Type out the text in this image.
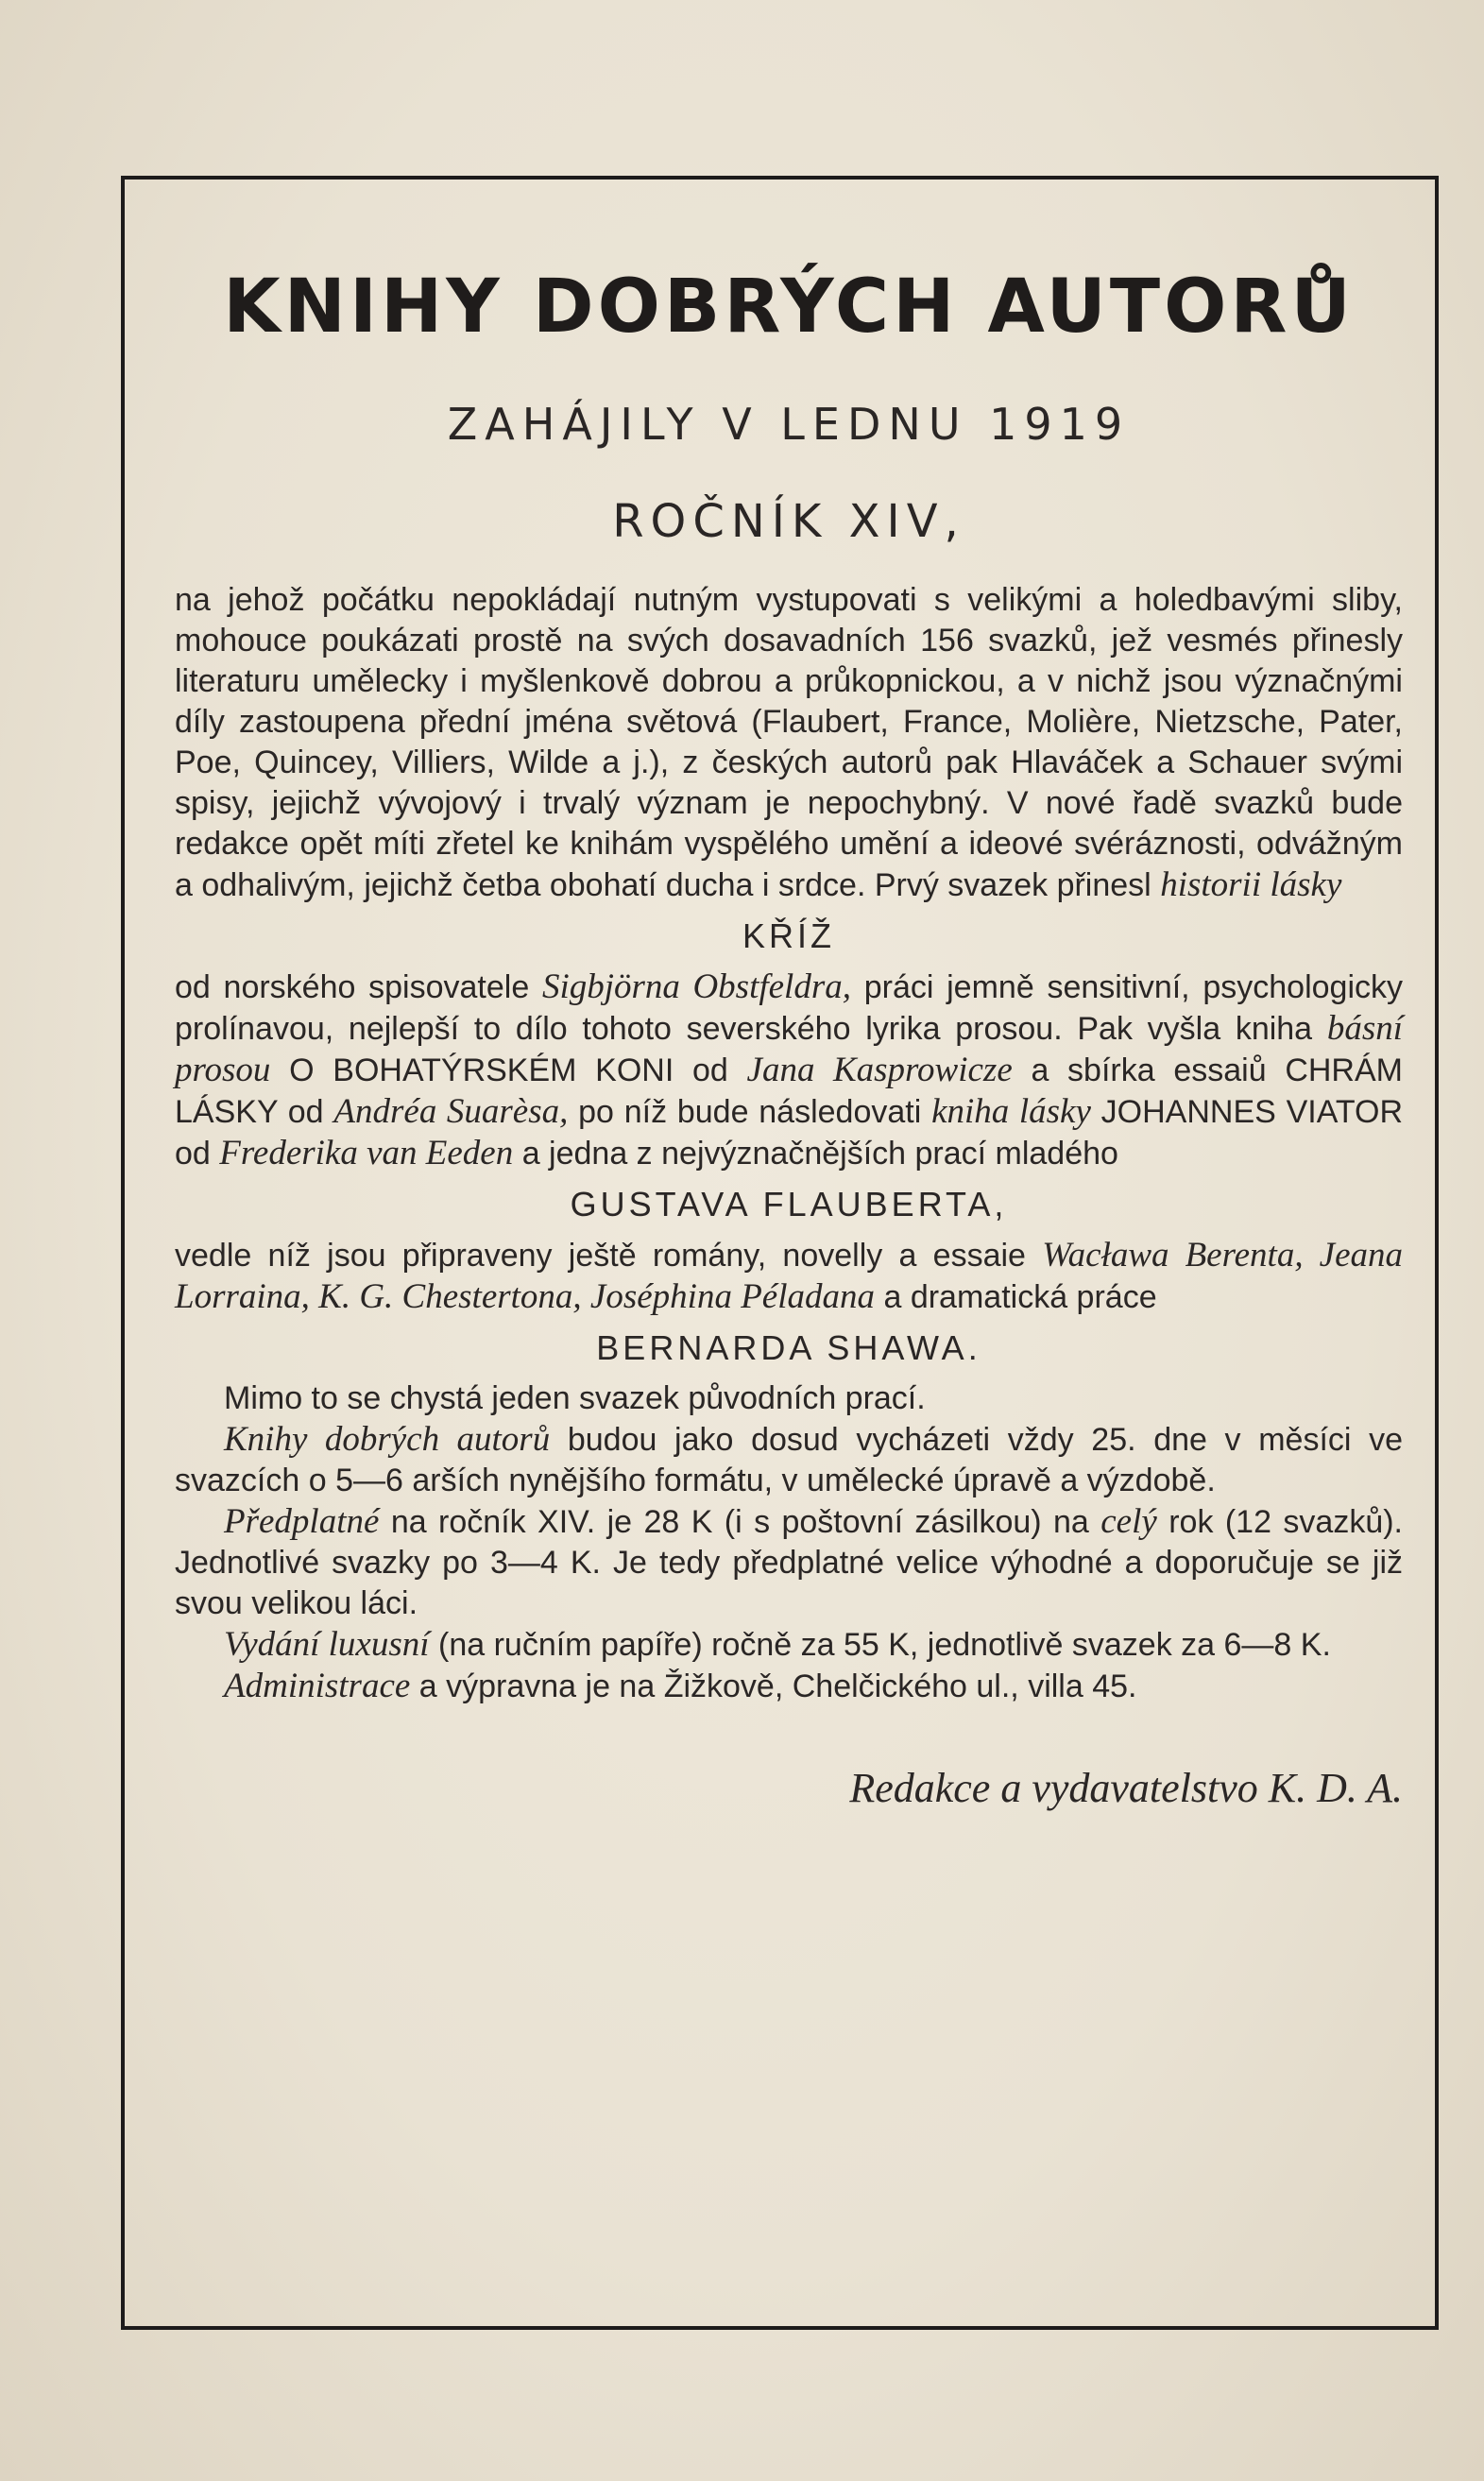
KNIHY DOBRÝCH AUTORŮ
ZAHÁJILY V LEDNU 1919
ROČNÍK XIV,

na jehož počátku nepokládají nutným vystupovati s velikými a holedbavými sliby, mohouce poukázati prostě na svých dosavadních 156 svazků, jež vesmés přinesly literaturu umělecky i myšlenkově dobrou a průkopnickou, a v nichž jsou význačnými díly zastoupena přední jména světová (Flaubert, France, Molière, Nietzsche, Pater, Poe, Quincey, Villiers, Wilde a j.), z českých autorů pak Hlaváček a Schauer svými spisy, jejichž vývojový i trvalý význam je nepochybný. V nové řadě svazků bude redakce opět míti zřetel ke knihám vyspělého umění a ideové svéráznosti, odvážným a odhalivým, jejichž četba obohatí ducha i srdce. Prvý svazek přinesl historii lásky

KŘÍŽ

od norského spisovatele Sigbjörna Obstfeldra, práci jemně sensitivní, psychologicky prolínavou, nejlepší to dílo tohoto severského lyrika prosou. Pak vyšla kniha básní prosou O BOHATÝRSKÉM KONI od Jana Kasprowicze a sbírka essaiů CHRÁM LÁSKY od Andréa Suarèsa, po níž bude následovati kniha lásky JOHANNES VIATOR od Frederika van Eeden a jedna z nejvýznačnějších prací mladého

GUSTAVA FLAUBERTA,

vedle níž jsou připraveny ještě romány, novelly a essaie Wacława Berenta, Jeana Lorraina, K. G. Chestertona, Joséphina Péladana a dramatická práce

BERNARDA SHAWA.

Mimo to se chystá jeden svazek původních prací.

Knihy dobrých autorů budou jako dosud vycházeti vždy 25. dne v měsíci ve svazcích o 5—6 arších nynějšího formátu, v umělecké úpravě a výzdobě.

Předplatné na ročník XIV. je 28 K (i s poštovní zásilkou) na celý rok (12 svazků). Jednotlivé svazky po 3—4 K. Je tedy předplatné velice výhodné a doporučuje se již svou velikou láci.

Vydání luxusní (na ručním papíře) ročně za 55 K, jednotlivě svazek za 6—8 K.

Administrace a výpravna je na Žižkově, Chelčického ul., villa 45.

Redakce a vydavatelstvo K. D. A.
